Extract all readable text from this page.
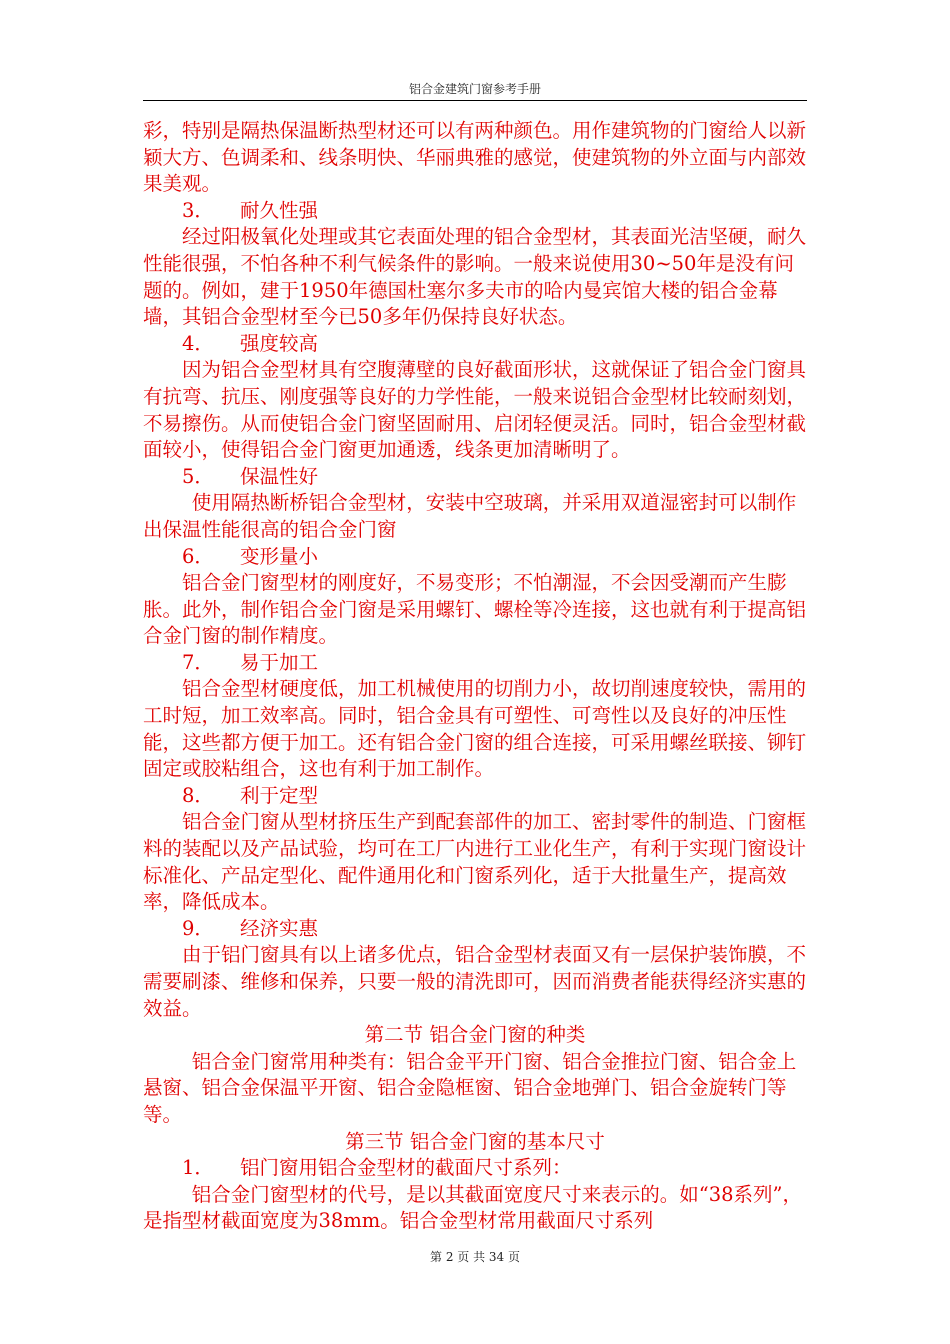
铝合金建筑门窗参考手册

彩，特别是隔热保温断热型材还可以有两种颜色。用作建筑物的门窗给人以新颖大方、色调柔和、线条明快、华丽典雅的感觉，使建筑物的外立面与内部效果美观。

3． 耐久性强

经过阳极氧化处理或其它表面处理的铝合金型材，其表面光洁坚硬，耐久性能很强，不怕各种不利气候条件的影响。一般来说使用30~50年是没有问题的。例如，建于1950年德国杜塞尔多夫市的哈内曼宾馆大楼的铝合金幕墙，其铝合金型材至今已50多年仍保持良好状态。

4． 强度较高

因为铝合金型材具有空腹薄壁的良好截面形状，这就保证了铝合金门窗具有抗弯、抗压、刚度强等良好的力学性能，一般来说铝合金型材比较耐刻划，不易擦伤。从而使铝合金门窗坚固耐用、启闭轻便灵活。同时，铝合金型材截面较小，使得铝合金门窗更加通透，线条更加清晰明了。

5． 保温性好

使用隔热断桥铝合金型材，安装中空玻璃，并采用双道湿密封可以制作出保温性能很高的铝合金门窗

6． 变形量小

铝合金门窗型材的刚度好，不易变形；不怕潮湿，不会因受潮而产生膨胀。此外，制作铝合金门窗是采用螺钉、螺栓等冷连接，这也就有利于提高铝合金门窗的制作精度。

7． 易于加工

铝合金型材硬度低，加工机械使用的切削力小，故切削速度较快，需用的工时短，加工效率高。同时，铝合金具有可塑性、可弯性以及良好的冲压性能，这些都方便于加工。还有铝合金门窗的组合连接，可采用螺丝联接、铆钉固定或胶粘组合，这也有利于加工制作。

8． 利于定型

铝合金门窗从型材挤压生产到配套部件的加工、密封零件的制造、门窗框料的装配以及产品试验，均可在工厂内进行工业化生产，有利于实现门窗设计标准化、产品定型化、配件通用化和门窗系列化，适于大批量生产，提高效率，降低成本。

9． 经济实惠

由于铝门窗具有以上诸多优点，铝合金型材表面又有一层保护装饰膜，不需要刷漆、维修和保养，只要一般的清洗即可，因而消费者能获得经济实惠的效益。

第二节 铝合金门窗的种类

铝合金门窗常用种类有：铝合金平开门窗、铝合金推拉门窗、铝合金上悬窗、铝合金保温平开窗、铝合金隐框窗、铝合金地弹门、铝合金旋转门等等。

第三节 铝合金门窗的基本尺寸

1． 铝门窗用铝合金型材的截面尺寸系列：

铝合金门窗型材的代号，是以其截面宽度尺寸来表示的。如“38系列”，是指型材截面宽度为38mm。铝合金型材常用截面尺寸系列

第 2 页 共 34 页
